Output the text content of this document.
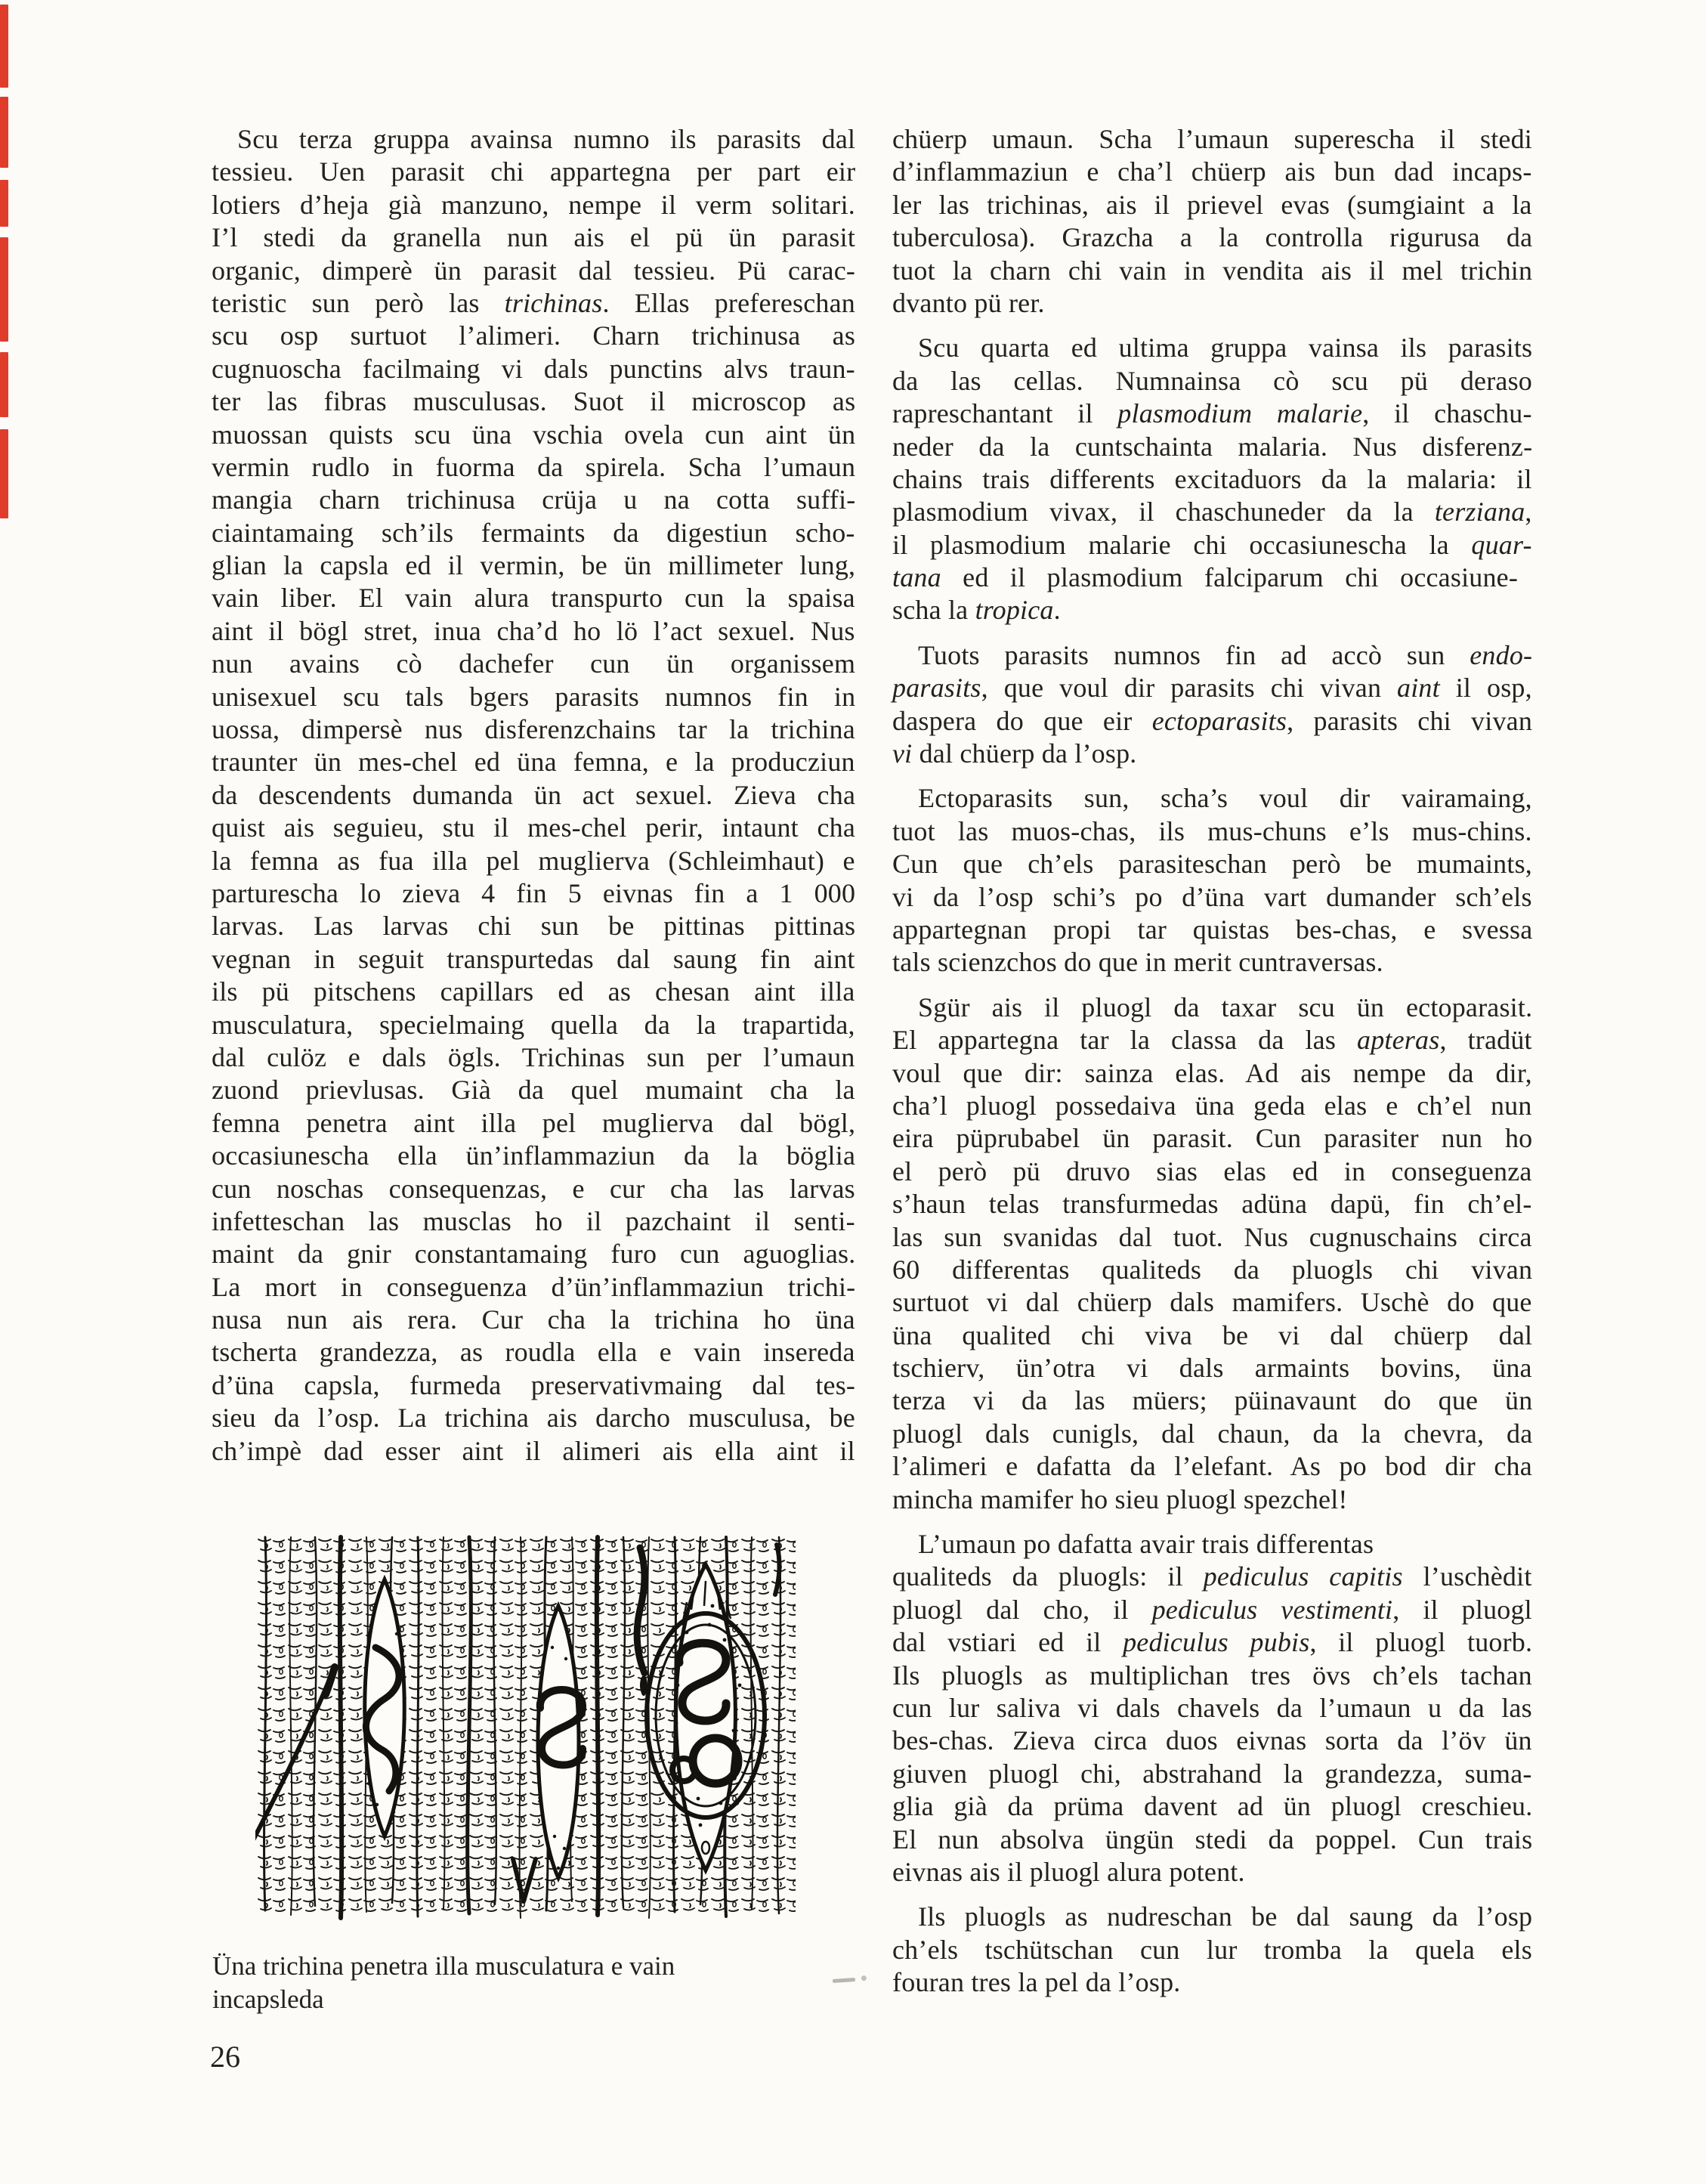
Scu terza gruppa avainsa numno ils parasits dal
tessieu. Uen parasit chi appartegna per part eir
lotiers d’heja già manzuno, nempe il verm solitari.
I’l stedi da granella nun ais el pü ün parasit
organic, dimperè ün parasit dal tessieu. Pü carac-
teristic sun però las trichinas. Ellas prefereschan
scu osp surtuot l’alimeri. Charn trichinusa as
cugnuoscha facilmaing vi dals punctins alvs traun-
ter las fibras musculusas. Suot il microscop as
muossan quists scu üna vschia ovela cun aint ün
vermin rudlo in fuorma da spirela. Scha l’umaun
mangia charn trichinusa crüja u na cotta suffi-
ciaintamaing sch’ils fermaints da digestiun scho-
glian la capsla ed il vermin, be ün millimeter lung,
vain liber. El vain alura transpurto cun la spaisa
aint il bögl stret, inua cha’d ho lö l’act sexuel. Nus
nun avains cò dachefer cun ün organissem
unisexuel scu tals bgers parasits numnos fin in
uossa, dimpersè nus disferenzchains tar la trichina
traunter ün mes-chel ed üna femna, e la producziun
da descendents dumanda ün act sexuel. Zieva cha
quist ais seguieu, stu il mes-chel perir, intaunt cha
la femna as fua illa pel muglierva (Schleimhaut) e
parturescha lo zieva 4 fin 5 eivnas fin a 1 000
larvas. Las larvas chi sun be pittinas pittinas
vegnan in seguit transpurtedas dal saung fin aint
ils pü pitschens capillars ed as chesan aint illa
musculatura, specielmaing quella da la trapartida,
dal culöz e dals ögls. Trichinas sun per l’umaun
zuond prievlusas. Già da quel mumaint cha la
femna penetra aint illa pel muglierva dal bögl,
occasiunescha ella ün’inflammaziun da la böglia
cun noschas consequenzas, e cur cha las larvas
infetteschan las musclas ho il pazchaint il senti-
maint da gnir constantamaing furo cun aguoglias.
La mort in conseguenza d’ün’inflammaziun trichi-
nusa nun ais rera. Cur cha la trichina ho üna
tscherta grandezza, as roudla ella e vain insereda
d’üna capsla, furmeda preservativmaing dal tes-
sieu da l’osp. La trichina ais darcho musculusa, be
ch’impè dad esser aint il alimeri ais ella aint il
chüerp umaun. Scha l’umaun superescha il stedi
d’inflammaziun e cha’l chüerp ais bun dad incaps-
ler las trichinas, ais il prievel evas (sumgiaint a la
tuberculosa). Grazcha a la controlla rigurusa da
tuot la charn chi vain in vendita ais il mel trichin
dvanto pü rer.
Scu quarta ed ultima gruppa vainsa ils parasits
da las cellas. Numnainsa cò scu pü deraso
rapreschantant il plasmodium malarie, il chaschu-
neder da la cuntschainta malaria. Nus disferenz-
chains trais differents excitaduors da la malaria: il
plasmodium vivax, il chaschuneder da la terziana,
il plasmodium malarie chi occasiunescha la quar-
tana ed il plasmodium falciparum chi occasiune-
scha la tropica.
Tuots parasits numnos fin ad accò sun endo-
parasits, que voul dir parasits chi vivan aint il osp,
daspera do que eir ectoparasits, parasits chi vivan
vi dal chüerp da l’osp.
Ectoparasits sun, scha’s voul dir vairamaing,
tuot las muos-chas, ils mus-chuns e’ls mus-chins.
Cun que ch’els parasiteschan però be mumaints,
vi da l’osp schi’s po d’üna vart dumander sch’els
appartegnan propi tar quistas bes-chas, e svessa
tals scienzchos do que in merit cuntraversas.
Sgür ais il pluogl da taxar scu ün ectoparasit.
El appartegna tar la classa da las apteras, tradüt
voul que dir: sainza elas. Ad ais nempe da dir,
cha’l pluogl possedaiva üna geda elas e ch’el nun
eira püprubabel ün parasit. Cun parasiter nun ho
el però pü druvo sias elas ed in conseguenza
s’haun telas transfurmedas adüna dapü, fin ch’el-
las sun svanidas dal tuot. Nus cugnuschains circa
60 differentas qualiteds da pluogls chi vivan
surtuot vi dal chüerp dals mamifers. Uschè do que
üna qualited chi viva be vi dal chüerp dal
tschierv, ün’otra vi dals armaints bovins, üna
terza vi da las müers; püinavaunt do que ün
pluogl dals cunigls, dal chaun, da la chevra, da
l’alimeri e dafatta da l’elefant. As po bod dir cha
mincha mamifer ho sieu pluogl spezchel!
L’umaun po dafatta avair trais differentas
qualiteds da pluogls: il pediculus capitis l’uschèdit
pluogl dal cho, il pediculus vestimenti, il pluogl
dal vstiari ed il pediculus pubis, il pluogl tuorb.
Ils pluogls as multiplichan tres övs ch’els tachan
cun lur saliva vi dals chavels da l’umaun u da las
bes-chas. Zieva circa duos eivnas sorta da l’öv ün
giuven pluogl chi, abstrahand la grandezza, suma-
glia già da prüma davent ad ün pluogl creschieu.
El nun absolva üngün stedi da poppel. Cun trais
eivnas ais il pluogl alura potent.
Ils pluogls as nudreschan be dal saung da l’osp
ch’els tschütschan cun lur tromba la quela els
fouran tres la pel da l’osp.
Üna trichina penetra illa musculatura e vain
incapsleda
26
